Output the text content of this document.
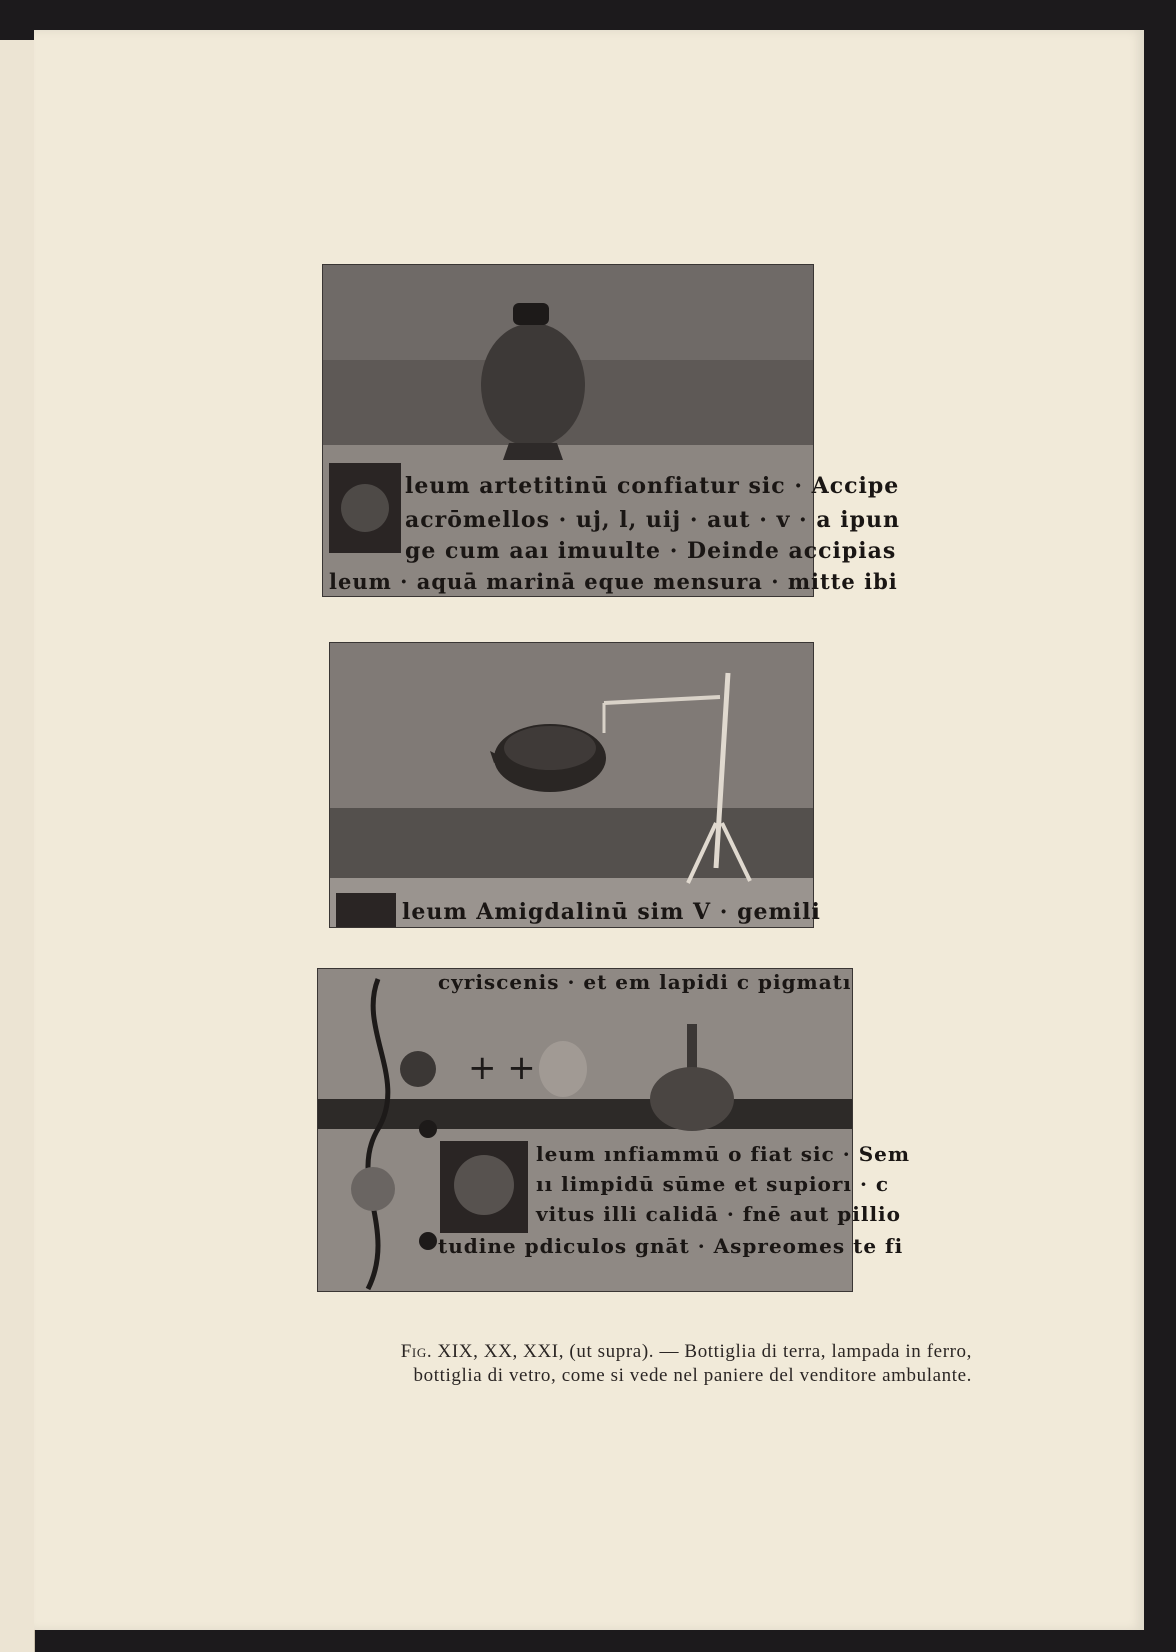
leum artetitinū confiatur sic · Accipe
acrōmellos · uj, l, uij · aut · v · a ipun
ge cum aaı imuulte · Deinde accipias
leum · aquā marinā eque mensura · mitte ibi
leum Amigdalinū sim V · gemili
cyriscenis · et em lapidi c pigmatı
+ +
leum ınfiammū o fiat sic · Sem
ıı limpidū sūme et supiorı · c
vitus illi calidā · fnē aut pillio
tudine pdiculos gnāt · Aspreomes te fi
Fig. XIX, XX, XXI, (ut supra). — Bottiglia di terra, lampada in ferro,
bottiglia di vetro, come si vede nel paniere del venditore ambulante.
